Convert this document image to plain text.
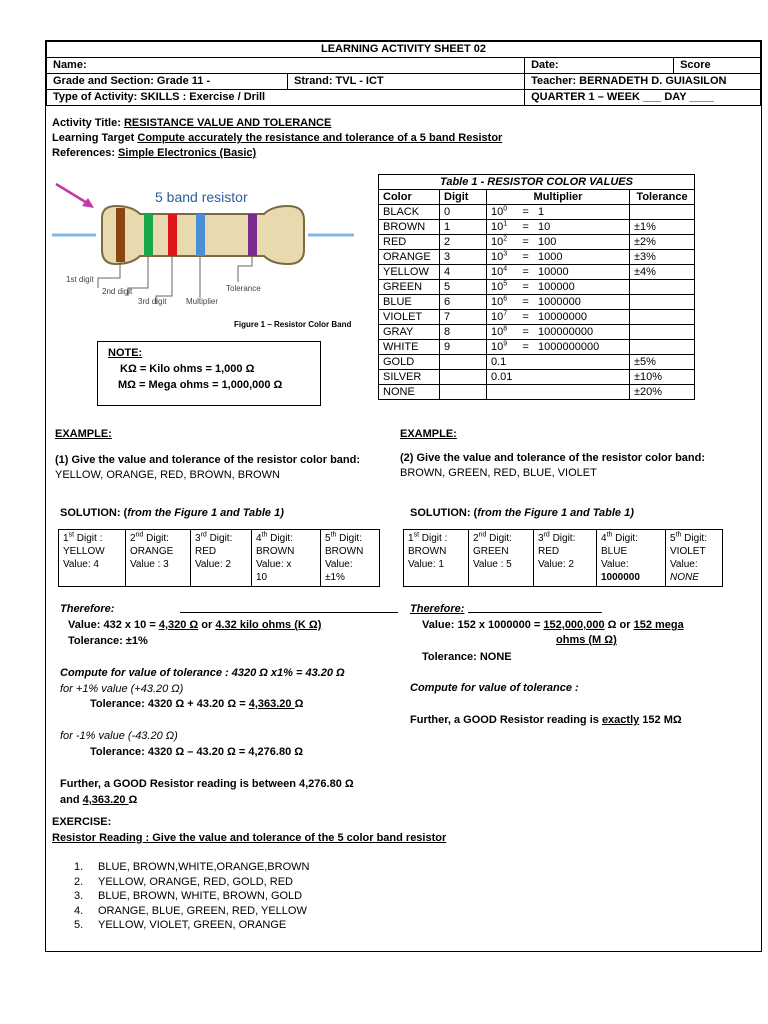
LEARNING ACTIVITY SHEET 02			
Name:		Date:	Score
Grade and Section: Grade 11 -	Strand: TVL - ICT	Teacher: BERNADETH D. GUIASILON	
Type of Activity: SKILLS : Exercise / Drill		QUARTER 1 – WEEK ___ DAY ____	
Activity Title: RESISTANCE VALUE AND TOLERANCE
Learning Target Compute accurately the resistance and tolerance of a 5 band Resistor
References: Simple Electronics (Basic)
5 band resistor
1st digit
2nd digit
3rd digit Multiplier
Tolerance
Figure 1 – Resistor Color Band
NOTE:
KΩ = Kilo ohms = 1,000 Ω
MΩ = Mega ohms = 1,000,000 Ω
Table 1 - RESISTOR COLOR VALUES			
Color	Digit	Multiplier	Tolerance
BLACK	0	$10^0$     =   1	
BROWN	1	$10^1$     =   10	±1%
RED	2	$10^2$     =   100	±2%
ORANGE	3	$10^3$     =   1000	±3%
YELLOW	4	$10^4$     =   10000	±4%
GREEN	5	$10^5$     =   100000	
BLUE	6	$10^6$     =   1000000	
VIOLET	7	$10^7$     =   10000000	
GRAY	8	$10^8$     =   100000000	
WHITE	9	$10^9$     =   1000000000	
GOLD		0.1	±5%
SILVER		0.01	±10%
NONE			±20%
EXAMPLE:
(1) Give the value and tolerance of the resistor color band:
YELLOW, ORANGE, RED, BROWN, BROWN
SOLUTION: (from the Figure 1 and Table 1)
1st Digit :
YELLOW
Value: 4

2nd Digit:
ORANGE
Value : 3

3rd Digit:
RED
Value: 2

4th Digit:
BROWN
Value: x
10

5th Digit:
BROWN
Value:
±1%
Therefore:
Value: 432 x 10 = 4,320 Ω or 4.32 kilo ohms (K Ω)
Tolerance: ±1%
Compute for value of tolerance : 4320 Ω x1% = 43.20 Ω
for +1% value (+43.20 Ω)
Tolerance: 4320 Ω + 43.20 Ω = 4,363.20 Ω
for -1% value (-43.20 Ω)
Tolerance: 4320 Ω – 43.20 Ω = 4,276.80 Ω
Further, a GOOD Resistor reading is between 4,276.80 Ω
and 4,363.20 Ω
EXAMPLE:
(2) Give the value and tolerance of the resistor color band:
BROWN, GREEN, RED, BLUE, VIOLET
SOLUTION: (from the Figure 1 and Table 1)
1st Digit :
BROWN
Value: 1

2nd Digit:
GREEN
Value : 5

3rd Digit:
RED
Value: 2

4th Digit:
BLUE
Value:
1000000

5th Digit:
VIOLET
Value:
NONE
Therefore:
Value: 152 x 1000000 = 152,000,000 Ω or 152 mega
ohms (M Ω)
Tolerance: NONE
Compute for value of tolerance :
Further, a GOOD Resistor reading is exactly 152 MΩ
EXERCISE:
Resistor Reading : Give the value and tolerance of the 5 color band resistor
1. BLUE, BROWN,WHITE,ORANGE,BROWN
2. YELLOW, ORANGE, RED, GOLD, RED
3. BLUE, BROWN, WHITE, BROWN, GOLD
4. ORANGE, BLUE, GREEN, RED, YELLOW
5. YELLOW, VIOLET, GREEN, ORANGE
